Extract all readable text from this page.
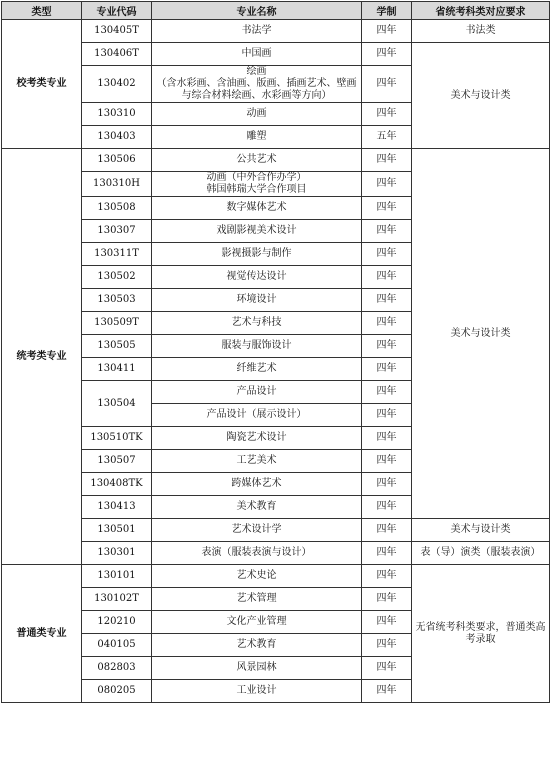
类型	专业代码	专业名称	学制	省统考科类对应要求
校考类专业	130405T	书法学	四年	书法类
	130406T	中国画	四年	美术与设计类
	130402	绘画
（含水彩画、含油画、版画、插画艺术、壁画与综合材料绘画、水彩画等方向）	四年	
	130310	动画	四年	
	130403	雕塑	五年	
统考类专业	130506	公共艺术	四年	美术与设计类
	130310H	动画（中外合作办学）
韩国韩瑞大学合作项目	四年	
	130508	数字媒体艺术	四年	
	130307	戏剧影视美术设计	四年	
	130311T	影视摄影与制作	四年	
	130502	视觉传达设计	四年	
	130503	环境设计	四年	
	130509T	艺术与科技	四年	
	130505	服装与服饰设计	四年	
	130411	纤维艺术	四年	
	130504	产品设计	四年	
		产品设计（展示设计）	四年	
	130510TK	陶瓷艺术设计	四年	
	130507	工艺美术	四年	
	130408TK	跨媒体艺术	四年	
	130413	美术教育	四年	
	130501	艺术设计学	四年	美术与设计类
	130301	表演（服装表演与设计）	四年	表（导）演类（服装表演）
普通类专业	130101	艺术史论	四年	无省统考科类要求，普通类高考录取
	130102T	艺术管理	四年	
	120210	文化产业管理	四年	
	040105	艺术教育	四年	
	082803	风景园林	四年	
	080205	工业设计	四年	
